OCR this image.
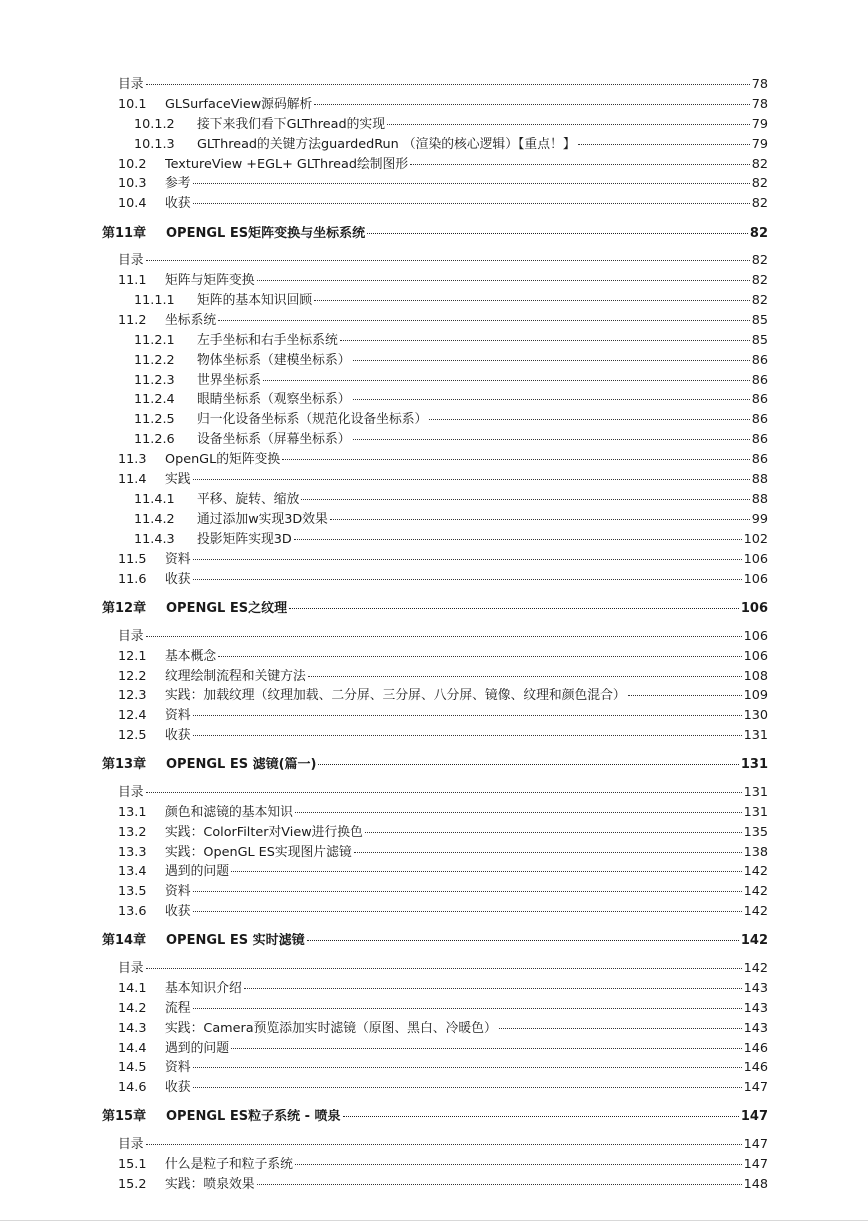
目录	78
10.1	GLSurfaceView源码解析	78
10.1.2	接下来我们看下GLThread的实现	79
10.1.3	GLThread的关键方法guardedRun （渲染的核心逻辑）【重点！】	79
10.2	TextureView +EGL+ GLThread绘制图形	82
10.3	参考	82
10.4	收获	82
第11章	OPENGL ES矩阵变换与坐标系统	82
目录	82
11.1	矩阵与矩阵变换	82
11.1.1	矩阵的基本知识回顾	82
11.2	坐标系统	85
11.2.1	左手坐标和右手坐标系统	85
11.2.2	物体坐标系（建模坐标系）	86
11.2.3	世界坐标系	86
11.2.4	眼睛坐标系（观察坐标系）	86
11.2.5	归一化设备坐标系（规范化设备坐标系）	86
11.2.6	设备坐标系（屏幕坐标系）	86
11.3	OpenGL的矩阵变换	86
11.4	实践	88
11.4.1	平移、旋转、缩放	88
11.4.2	通过添加w实现3D效果	99
11.4.3	投影矩阵实现3D	102
11.5	资料	106
11.6	收获	106
第12章	OPENGL ES之纹理	106
目录	106
12.1	基本概念	106
12.2	纹理绘制流程和关键方法	108
12.3	实践：加载纹理（纹理加载、二分屏、三分屏、八分屏、镜像、纹理和颜色混合）	109
12.4	资料	130
12.5	收获	131
第13章	OPENGL ES 滤镜(篇一)	131
目录	131
13.1	颜色和滤镜的基本知识	131
13.2	实践：ColorFilter对View进行换色	135
13.3	实践：OpenGL ES实现图片滤镜	138
13.4	遇到的问题	142
13.5	资料	142
13.6	收获	142
第14章	OPENGL ES 实时滤镜	142
目录	142
14.1	基本知识介绍	143
14.2	流程	143
14.3	实践：Camera预览添加实时滤镜（原图、黑白、冷暖色）	143
14.4	遇到的问题	146
14.5	资料	146
14.6	收获	147
第15章	OPENGL ES粒子系统 - 喷泉	147
目录	147
15.1	什么是粒子和粒子系统	147
15.2	实践：喷泉效果	148
